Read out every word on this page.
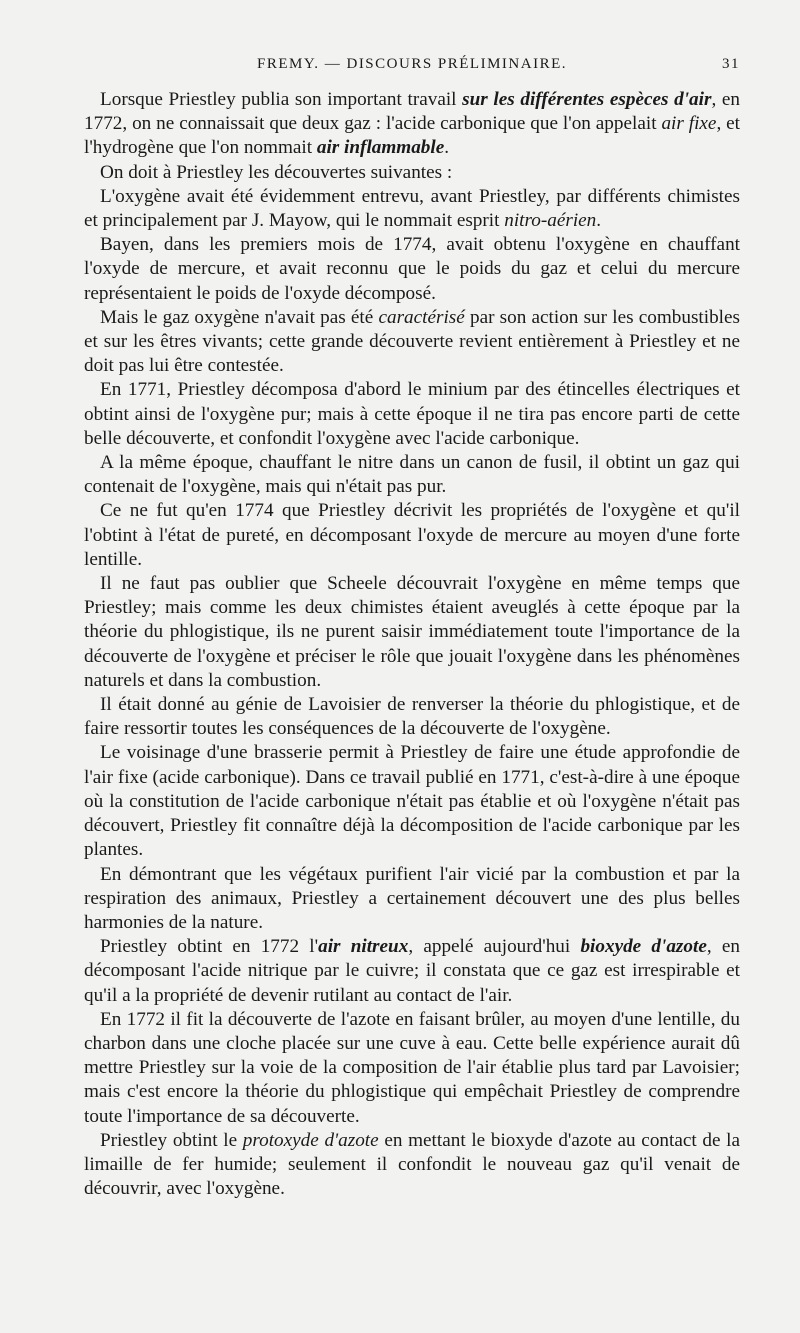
FREMY. — DISCOURS PRÉLIMINAIRE.	31

Lorsque Priestley publia son important travail sur les différentes espèces d'air, en 1772, on ne connaissait que deux gaz : l'acide carbonique que l'on appelait air fixe, et l'hydrogène que l'on nommait air inflammable.

On doit à Priestley les découvertes suivantes :

L'oxygène avait été évidemment entrevu, avant Priestley, par différents chimistes et principalement par J. Mayow, qui le nommait esprit nitro-aérien.

Bayen, dans les premiers mois de 1774, avait obtenu l'oxygène en chauffant l'oxyde de mercure, et avait reconnu que le poids du gaz et celui du mercure représentaient le poids de l'oxyde décomposé.

Mais le gaz oxygène n'avait pas été caractérisé par son action sur les combustibles et sur les êtres vivants; cette grande découverte revient entièrement à Priestley et ne doit pas lui être contestée.

En 1771, Priestley décomposa d'abord le minium par des étincelles électriques et obtint ainsi de l'oxygène pur; mais à cette époque il ne tira pas encore parti de cette belle découverte, et confondit l'oxygène avec l'acide carbonique.

A la même époque, chauffant le nitre dans un canon de fusil, il obtint un gaz qui contenait de l'oxygène, mais qui n'était pas pur.

Ce ne fut qu'en 1774 que Priestley décrivit les propriétés de l'oxygène et qu'il l'obtint à l'état de pureté, en décomposant l'oxyde de mercure au moyen d'une forte lentille.

Il ne faut pas oublier que Scheele découvrait l'oxygène en même temps que Priestley; mais comme les deux chimistes étaient aveuglés à cette époque par la théorie du phlogistique, ils ne purent saisir immédiatement toute l'importance de la découverte de l'oxygène et préciser le rôle que jouait l'oxygène dans les phénomènes naturels et dans la combustion.

Il était donné au génie de Lavoisier de renverser la théorie du phlogistique, et de faire ressortir toutes les conséquences de la découverte de l'oxygène.

Le voisinage d'une brasserie permit à Priestley de faire une étude approfondie de l'air fixe (acide carbonique). Dans ce travail publié en 1771, c'est-à-dire à une époque où la constitution de l'acide carbonique n'était pas établie et où l'oxygène n'était pas découvert, Priestley fit connaître déjà la décomposition de l'acide carbonique par les plantes.

En démontrant que les végétaux purifient l'air vicié par la combustion et par la respiration des animaux, Priestley a certainement découvert une des plus belles harmonies de la nature.

Priestley obtint en 1772 l'air nitreux, appelé aujourd'hui bioxyde d'azote, en décomposant l'acide nitrique par le cuivre; il constata que ce gaz est irrespirable et qu'il a la propriété de devenir rutilant au contact de l'air.

En 1772 il fit la découverte de l'azote en faisant brûler, au moyen d'une lentille, du charbon dans une cloche placée sur une cuve à eau. Cette belle expérience aurait dû mettre Priestley sur la voie de la composition de l'air établie plus tard par Lavoisier; mais c'est encore la théorie du phlogistique qui empêchait Priestley de comprendre toute l'importance de sa découverte.

Priestley obtint le protoxyde d'azote en mettant le bioxyde d'azote au contact de la limaille de fer humide; seulement il confondit le nouveau gaz qu'il venait de découvrir, avec l'oxygène.
